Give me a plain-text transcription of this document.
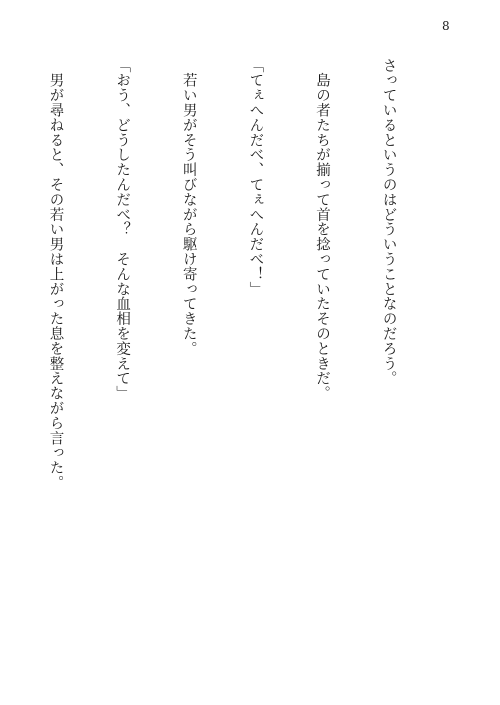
8

さっているというのはどういうことなのだろう。

　島の者たちが揃って首を捻っていたそのときだ。

「てぇへんだべ、てぇへんだべ！」

　若い男がそう叫びながら駆け寄ってきた。

「おう、どうしたんだべ？　そんな血相を変えて」

　男が尋ねると、その若い男は上がった息を整えながら言った。
